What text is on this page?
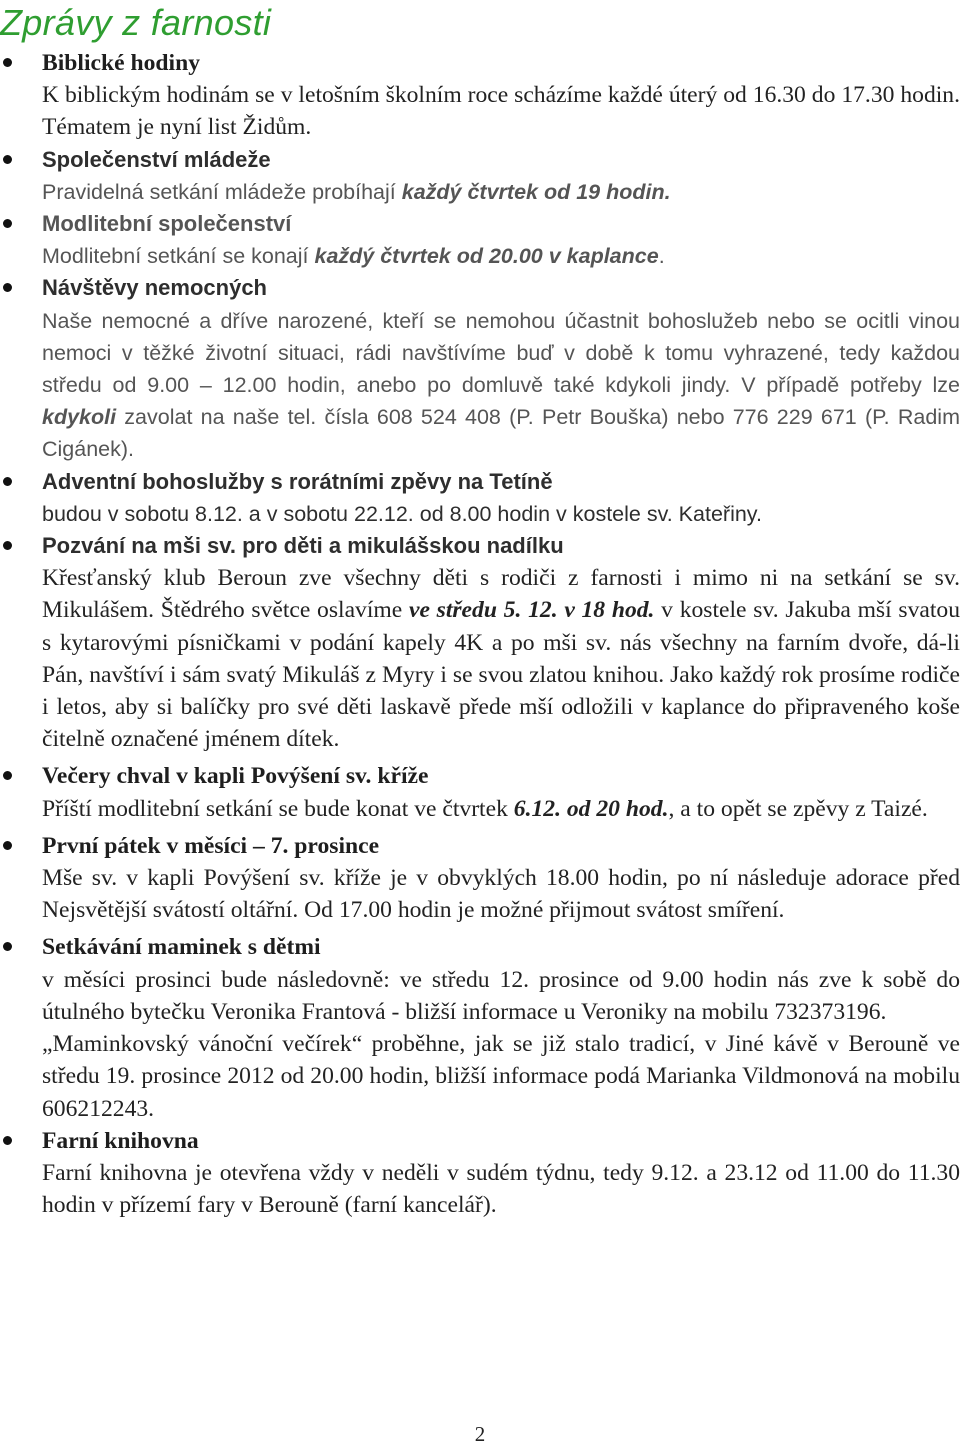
Zprávy z farnosti
Biblické hodiny
K biblickým hodinám se v letošním školním roce scházíme každé úterý od 16.30 do 17.30 hodin. Tématem je nyní list Židům.
Společenství mládeže
Pravidelná setkání mládeže probíhají každý čtvrtek od 19 hodin.
Modlitební společenství
Modlitební setkání se konají každý čtvrtek od 20.00 v kaplance.
Návštěvy nemocných
Naše nemocné a dříve narozené, kteří se nemohou účastnit bohoslužeb nebo se ocitli vinou nemoci v těžké životní situaci, rádi navštívíme buď v době k tomu vyhrazené, tedy každou středu od 9.00 – 12.00 hodin, anebo po domluvě také kdykoli jindy. V případě potřeby lze kdykoli zavolat na naše tel. čísla 608 524 408 (P. Petr Bouška) nebo 776 229 671 (P. Radim Cigánek).
Adventní bohoslužby s rorátními zpěvy na Tetíně
budou v sobotu 8.12. a v sobotu 22.12. od 8.00 hodin v kostele sv. Kateřiny.
Pozvání na mši sv. pro děti a mikulášskou nadílku
Křesťanský klub Beroun zve všechny děti s rodiči z farnosti i mimo ni na setkání se sv. Mikulášem. Štědrého světce oslavíme ve středu 5. 12. v 18 hod. v kostele sv. Jakuba mší svatou s kytarovými písničkami v podání kapely 4K a po mši sv. nás všechny na farním dvoře, dá-li Pán, navštíví i sám svatý Mikuláš z Myry i se svou zlatou knihou. Jako každý rok prosíme rodiče i letos, aby si balíčky pro své děti laskavě přede mší odložili v kaplance do připraveného koše čitelně označené jménem dítek.
Večery chval v kapli Povýšení sv. kříže
Příští modlitební setkání se bude konat ve čtvrtek 6.12. od 20 hod., a to opět se zpěvy z Taizé.
První pátek v měsíci – 7. prosince
Mše sv. v kapli Povýšení sv. kříže je v obvyklých 18.00 hodin, po ní následuje adorace před Nejsvětější svátostí oltářní. Od 17.00 hodin je možné přijmout svátost smíření.
Setkávání maminek s dětmi
v měsíci prosinci bude následovně: ve středu 12. prosince od 9.00 hodin nás zve k sobě do útulného bytečku Veronika Frantová - bližší informace u Veroniky na mobilu 732373196.
„Maminkovský vánoční večírek“ proběhne, jak se již stalo tradicí, v Jiné kávě v Berouně ve středu 19. prosince 2012 od 20.00 hodin, bližší informace podá Marianka Vildmonová na mobilu 606212243.
Farní knihovna
Farní knihovna je otevřena vždy v neděli v sudém týdnu, tedy 9.12. a 23.12 od 11.00 do 11.30 hodin v přízemí fary v Berouně (farní kancelář).
2
